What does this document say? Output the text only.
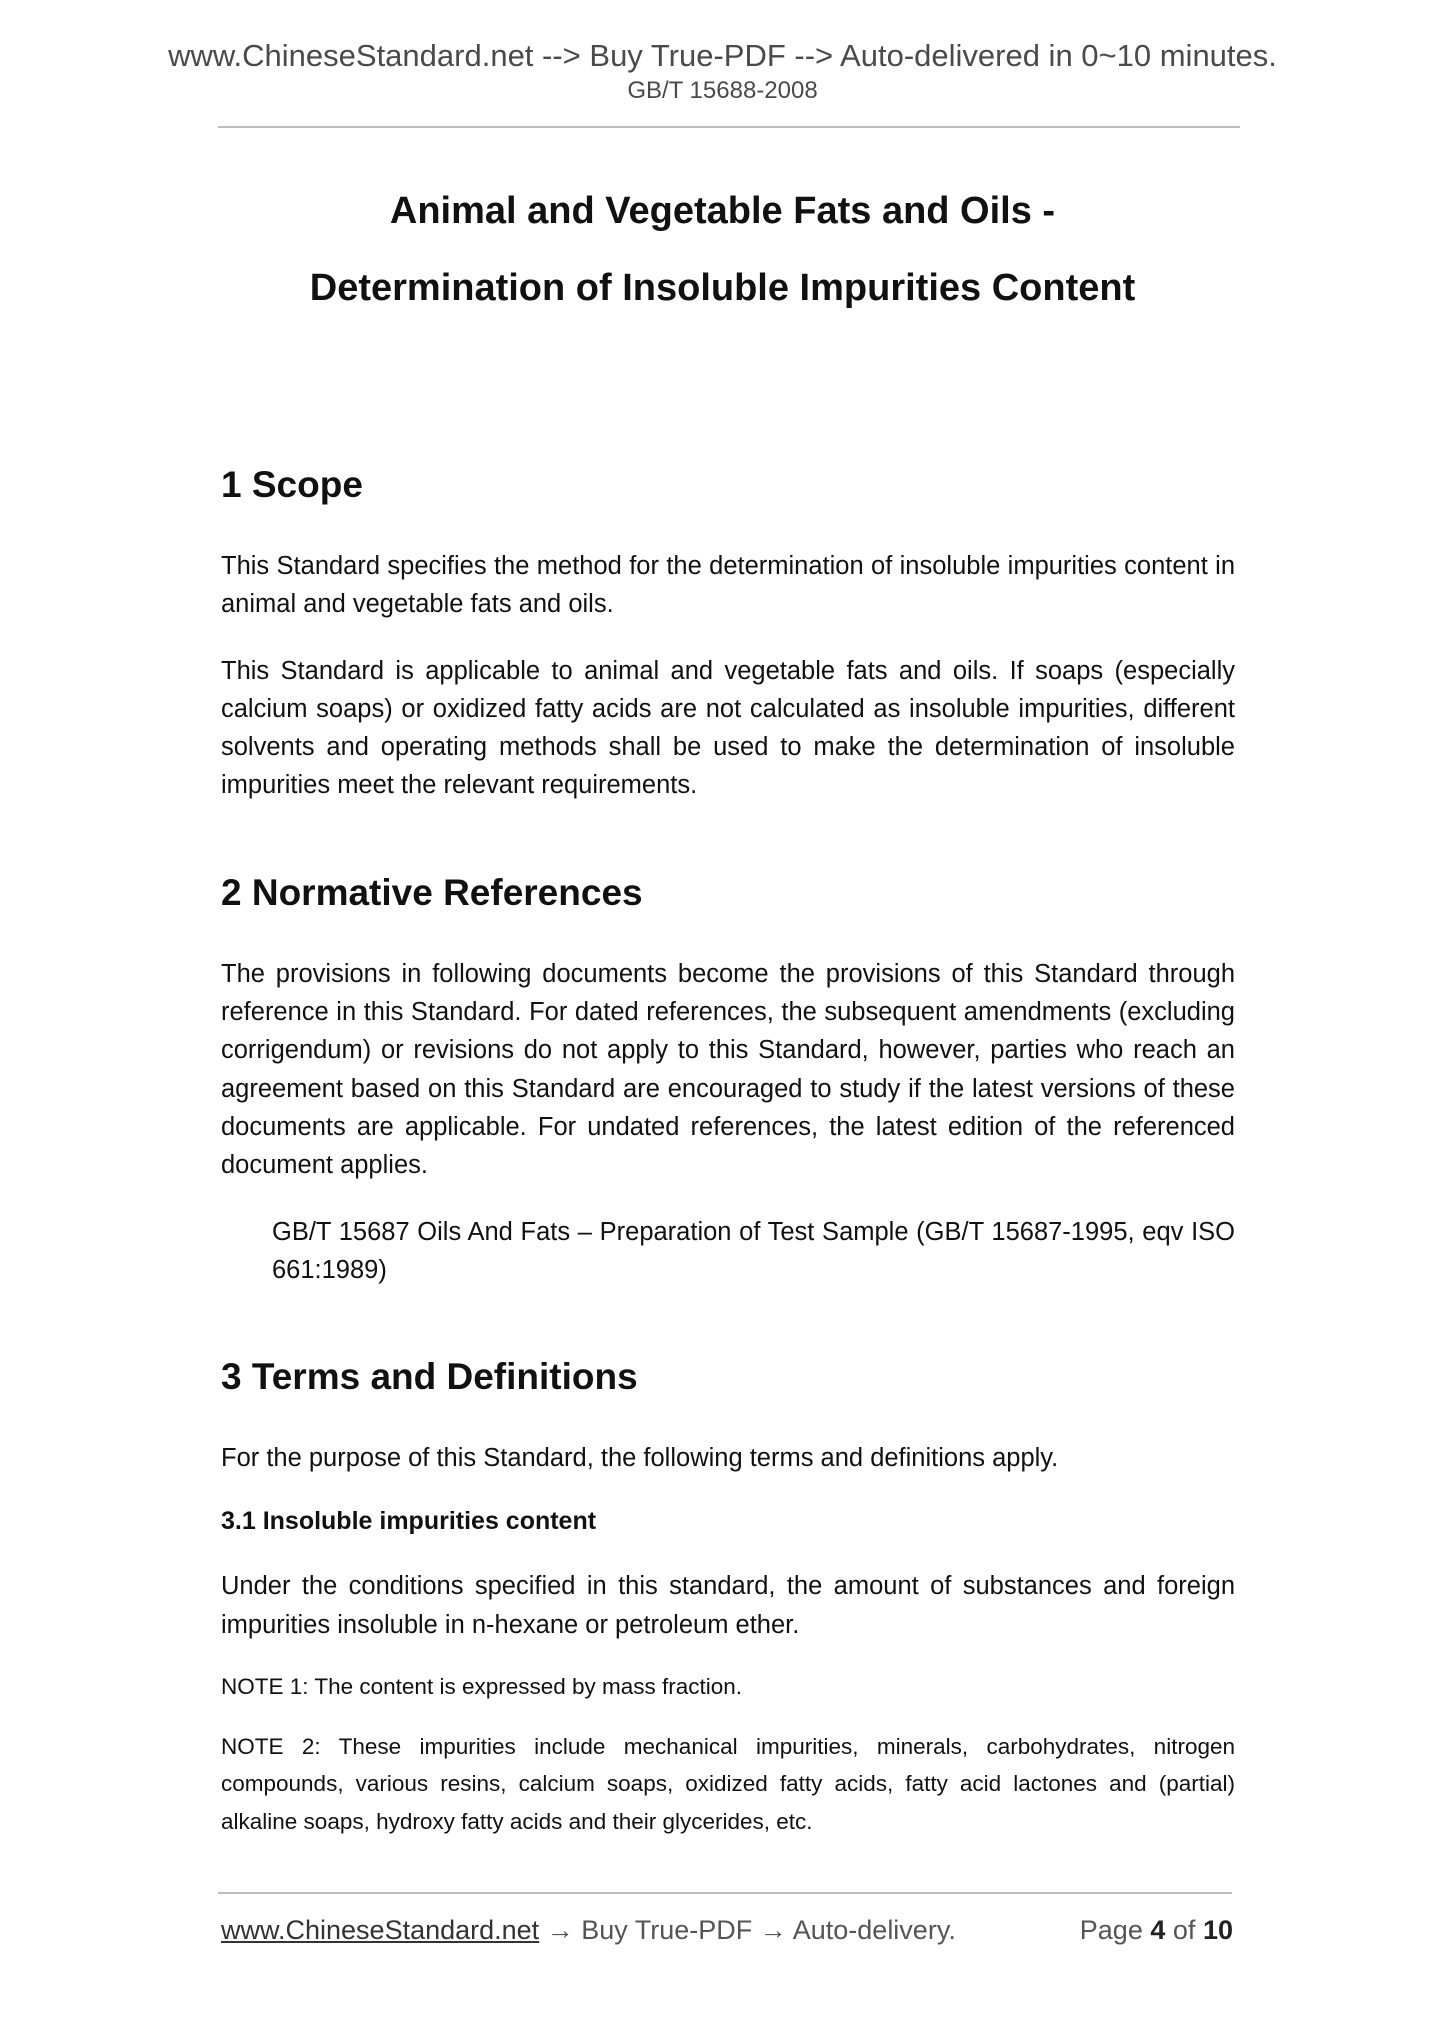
www.ChineseStandard.net --> Buy True-PDF --> Auto-delivered in 0~10 minutes.
GB/T 15688-2008
Animal and Vegetable Fats and Oils -
Determination of Insoluble Impurities Content
1 Scope

This Standard specifies the method for the determination of insoluble impurities content in animal and vegetable fats and oils.

This Standard is applicable to animal and vegetable fats and oils. If soaps (especially calcium soaps) or oxidized fatty acids are not calculated as insoluble impurities, different solvents and operating methods shall be used to make the determination of insoluble impurities meet the relevant requirements.

2 Normative References

The provisions in following documents become the provisions of this Standard through reference in this Standard. For dated references, the subsequent amendments (excluding corrigendum) or revisions do not apply to this Standard, however, parties who reach an agreement based on this Standard are encouraged to study if the latest versions of these documents are applicable. For undated references, the latest edition of the referenced document applies.

GB/T 15687 Oils And Fats – Preparation of Test Sample (GB/T 15687-1995, eqv ISO 661:1989)

3 Terms and Definitions

For the purpose of this Standard, the following terms and definitions apply.

3.1 Insoluble impurities content

Under the conditions specified in this standard, the amount of substances and foreign impurities insoluble in n-hexane or petroleum ether.

NOTE 1: The content is expressed by mass fraction.

NOTE 2: These impurities include mechanical impurities, minerals, carbohydrates, nitrogen compounds, various resins, calcium soaps, oxidized fatty acids, fatty acid lactones and (partial) alkaline soaps, hydroxy fatty acids and their glycerides, etc.

www.ChineseStandard.net → Buy True-PDF → Auto-delivery.	Page 4 of 10
